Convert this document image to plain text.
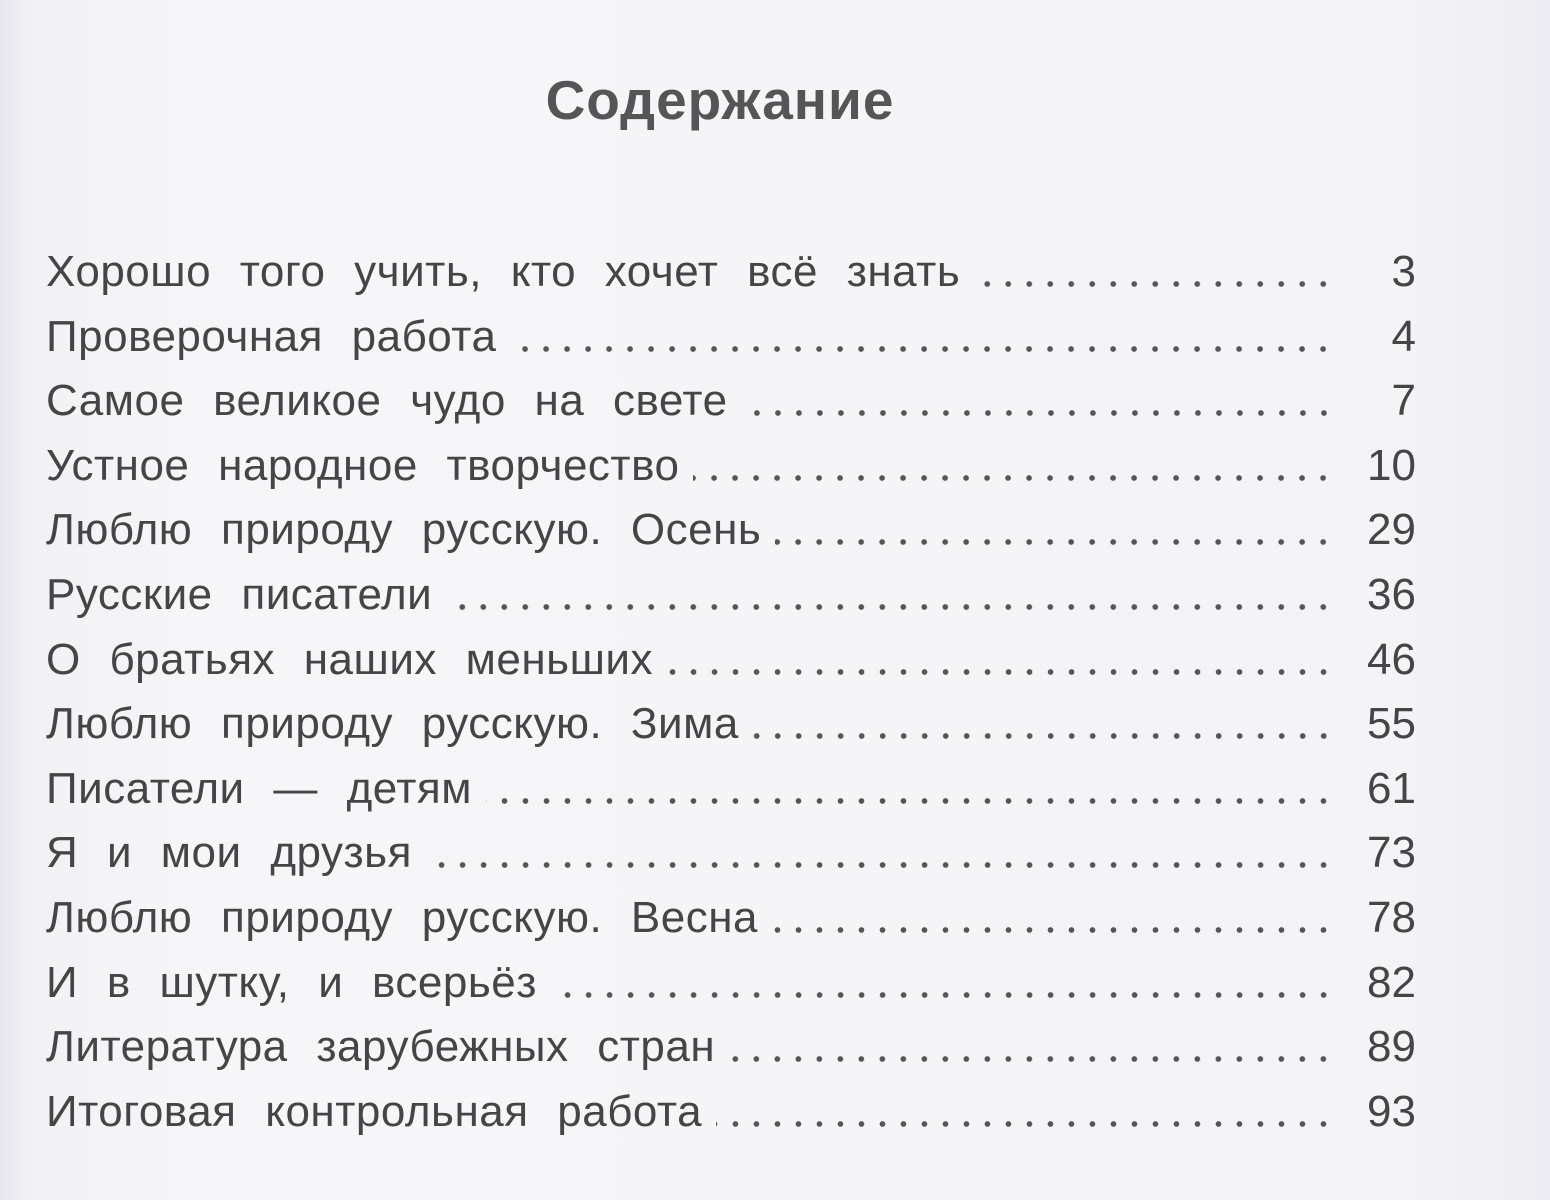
Содержание
Хорошо того учить, кто хочет всё знать	3
Проверочная работа	4
Самое великое чудо на свете	7
Устное народное творчество	10
Люблю природу русскую. Осень	29
Русские писатели	36
О братьях наших меньших	46
Люблю природу русскую. Зима	55
Писатели — детям	61
Я и мои друзья	73
Люблю природу русскую. Весна	78
И в шутку, и всерьёз	82
Литература зарубежных стран	89
Итоговая контрольная работа	93
